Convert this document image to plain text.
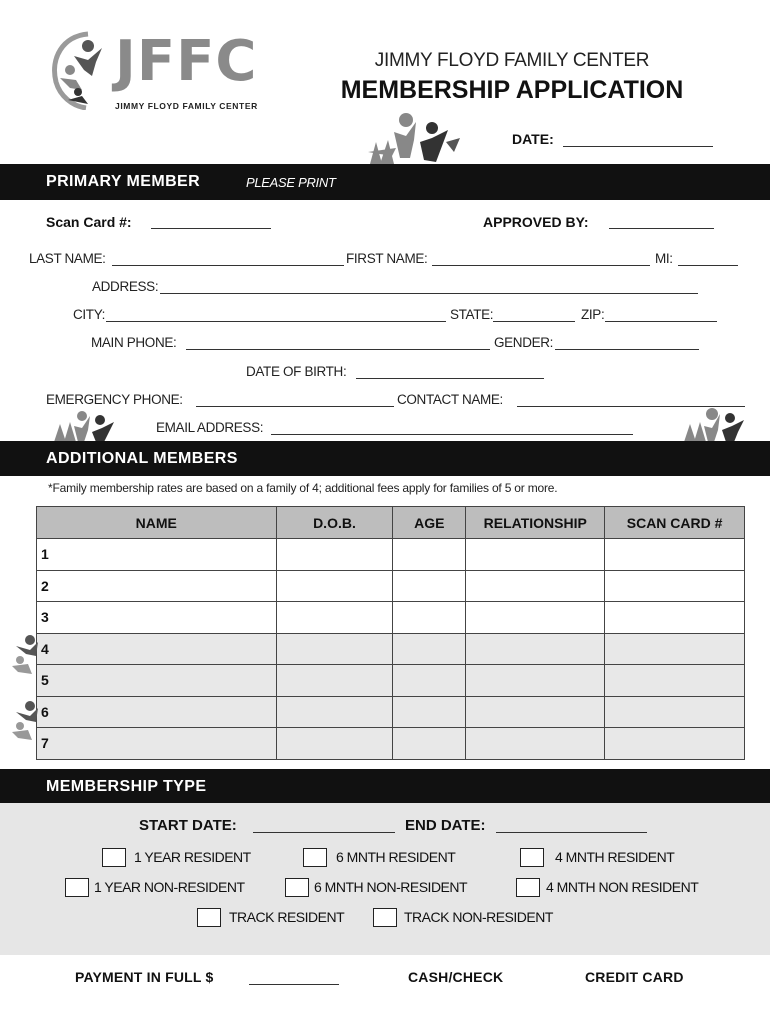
JFFC
JIMMY FLOYD FAMILY CENTER
JIMMY FLOYD FAMILY CENTER
MEMBERSHIP APPLICATION
DATE:
PRIMARY MEMBER	PLEASE PRINT
Scan Card #:	APPROVED BY:
LAST NAME:	FIRST NAME:	MI:
ADDRESS:
CITY:	STATE:	ZIP:
MAIN PHONE:	GENDER:
DATE OF BIRTH:
EMERGENCY PHONE:	CONTACT NAME:
EMAIL ADDRESS:
ADDITIONAL MEMBERS
*Family membership rates are based on a family of 4; additional fees apply for families of 5 or more.
NAME	D.O.B.	AGE	RELATIONSHIP	SCAN CARD #
1				
2				
3				
4				
5				
6				
7				
MEMBERSHIP TYPE
START DATE:	END DATE:
1 YEAR RESIDENT	6 MNTH RESIDENT	4 MNTH RESIDENT
1 YEAR NON-RESIDENT	6 MNTH NON-RESIDENT	4 MNTH NON RESIDENT
TRACK RESIDENT	TRACK NON-RESIDENT
PAYMENT IN FULL $	CASH/CHECK	CREDIT CARD
